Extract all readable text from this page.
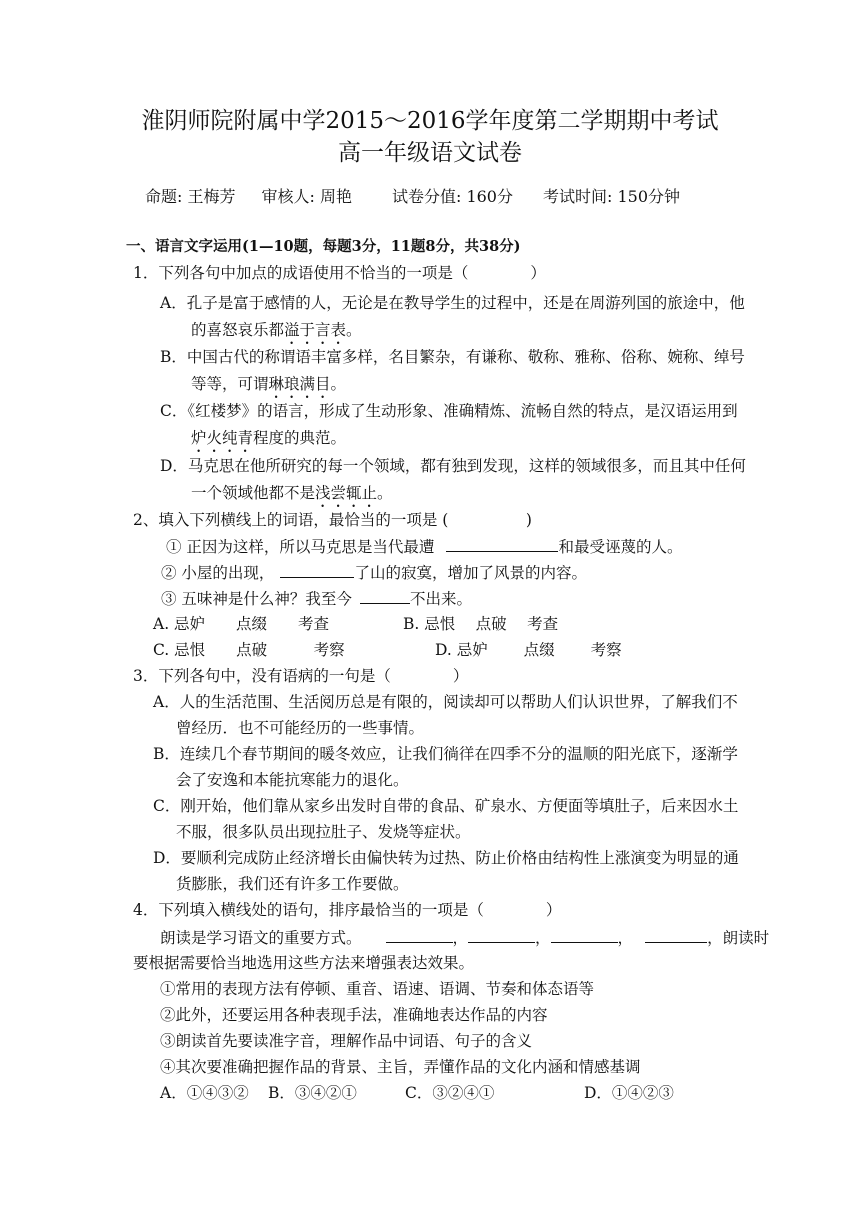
淮阴师院附属中学2015～2016学年度第二学期期中考试
高一年级语文试卷
命题: 王梅芳 审核人: 周艳	试卷分值: 160分 考试时间: 150分钟
一、语言文字运用(1—10题，每题3分，11题8分，共38分)
1．下列各句中加点的成语使用不恰当的一项是（　　　　）
A．孔子是富于感情的人，无论是在教导学生的过程中，还是在周游列国的旅途中，他
的喜怒哀乐都溢于言表。
B．中国古代的称谓语丰富多样，名目繁杂，有谦称、敬称、雅称、俗称、婉称、绰号
等等，可谓琳琅满目。
C．《红楼梦》的语言，形成了生动形象、准确精炼、流畅自然的特点，是汉语运用到
炉火纯青程度的典范。
D．马克思在他所研究的每一个领域，都有独到发现，这样的领域很多，而且其中任何
一个领域他都不是浅尝辄止。
2、填入下列横线上的词语，最恰当的一项是 (　　　　　)
① 正因为这样，所以马克思是当代最遭	和最受诬蔑的人。
② 小屋的出现，	了山的寂寞，增加了风景的内容。
③ 五味神是什么神？我至今	不出来。
A. 忌妒　　点缀　　考查	B. 忌恨　 点破　 考查
C. 忌恨　　点破　　　考察	D. 忌妒　　 点缀　　 考察
3．下列各句中，没有语病的一句是（　　　　）
A．人的生活范围、生活阅历总是有限的，阅读却可以帮助人们认识世界，了解我们不
曾经历．也不可能经历的一些事情。
B．连续几个春节期间的暖冬效应，让我们徜徉在四季不分的温顺的阳光底下，逐渐学
会了安逸和本能抗寒能力的退化。
C．刚开始，他们靠从家乡出发时自带的食品、矿泉水、方便面等填肚子，后来因水土
不服，很多队员出现拉肚子、发烧等症状。
D．要顺利完成防止经济增长由偏快转为过热、防止价格由结构性上涨演变为明显的通
货膨胀，我们还有许多工作要做。
4．下列填入横线处的语句，排序最恰当的一项是（　　　　）
朗读是学习语文的重要方式。	，	，	，	，朗读时
要根据需要恰当地选用这些方法来增强表达效果。
①常用的表现方法有停顿、重音、语速、语调、节奏和体态语等
②此外，还要运用各种表现手法，准确地表达作品的内容
③朗读首先要读准字音，理解作品中词语、句子的含义
④其次要准确把握作品的背景、主旨，弄懂作品的文化内涵和情感基调
A．①④③② B．③④②①	C．③②④①	D．①④②③
